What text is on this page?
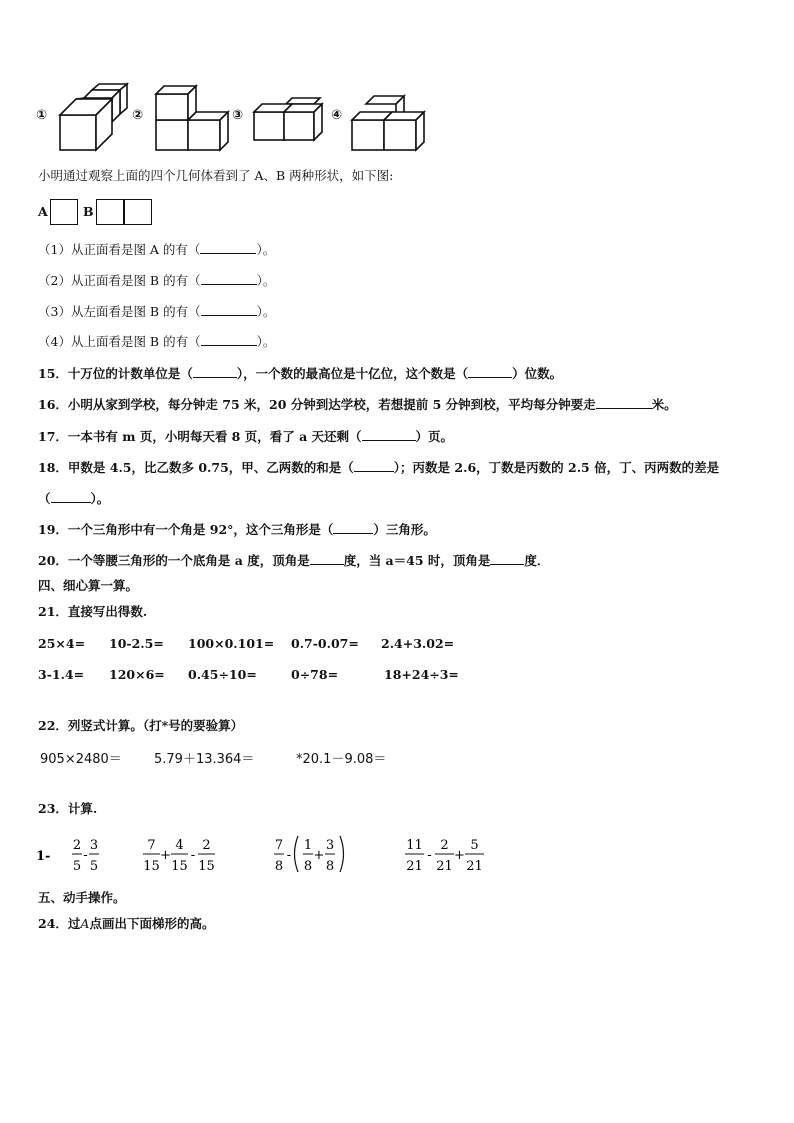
①	②	③	④
小明通过观察上面的四个几何体看到了 A、B 两种形状，如下图:
A	B
（1）从正面看是图 A 的有（	）。
（2）从正面看是图 B 的有（	）。
（3）从左面看是图 B 的有（	）。
（4）从上面看是图 B 的有（	）。
15．十万位的计数单位是（	），一个数的最高位是十亿位，这个数是（	）位数。
16．小明从家到学校，每分钟走 75 米，20 分钟到达学校，若想提前 5 分钟到校，平均每分钟要走	米。
17．一本书有 m 页，小明每天看 8 页，看了 a 天还剩（	）页。
18．甲数是 4.5，比乙数多 0.75，甲、乙两数的和是（	）；丙数是 2.6，丁数是丙数的 2.5 倍，丁、丙两数的差是
（	）。
19．一个三角形中有一个角是 92°，这个三角形是（	）三角形。
20．一个等腰三角形的一个底角是 a 度，顶角是	度，当 a＝45 时，顶角是	度．
四、细心算一算。
21．直接写出得数.
25×4= 10-2.5= 100×0.101= 0.7-0.07= 2.4+3.02=
3-1.4= 120×6= 0.45÷10=	0÷78=	18+24÷3=
22．列竖式计算。（打*号的要验算）
905×2480＝ 5.79＋13.364＝	*20.1－9.08＝
23．计算.
1-
2
5
-
3
5
7
15
+
4
15
-
2
15
7
8
-
1
8
+
3
8
11
21
-
2
21
+
5
21
五、动手操作。
24．过A点画出下面梯形的高。
